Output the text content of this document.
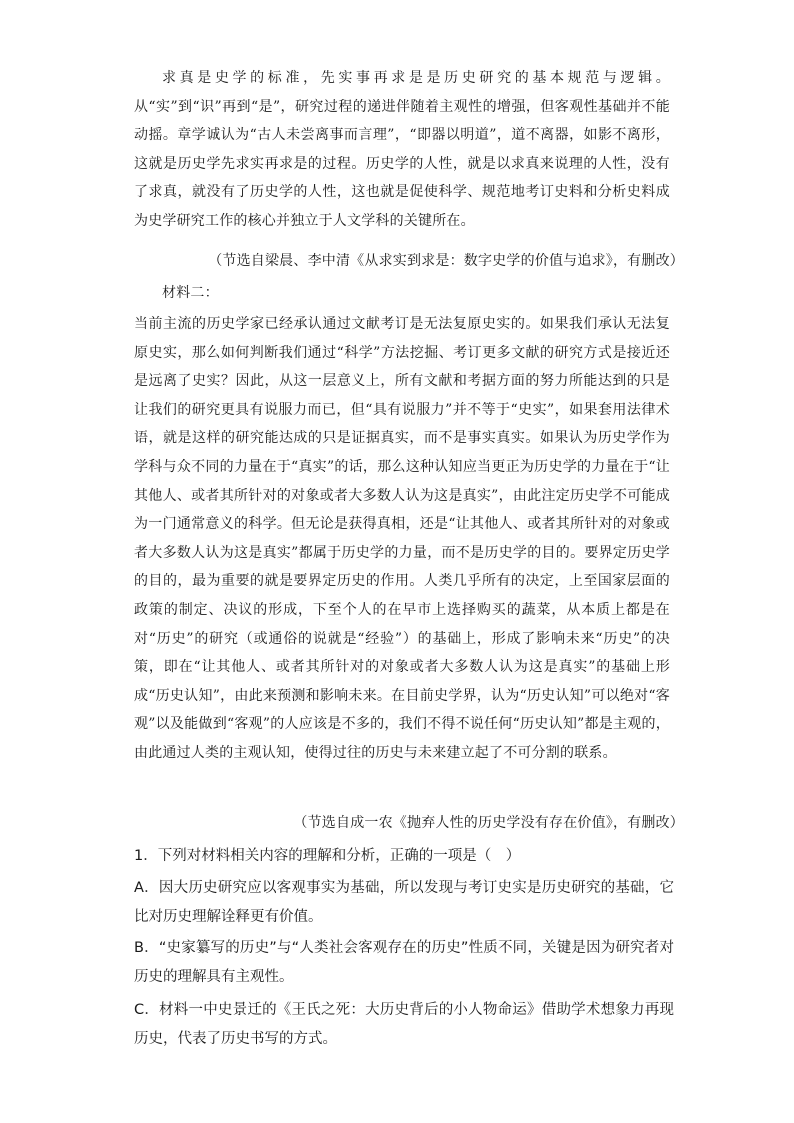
求真是史学的标准，先实事再求是是历史研究的基本规范与逻辑。从“实”到“识”再到“是”，研究过程的递进伴随着主观性的增强，但客观性基础并不能动摇。章学诚认为“古人未尝离事而言理”，“即器以明道”，道不离器，如影不离形，这就是历史学先求实再求是的过程。历史学的人性，就是以求真来说理的人性，没有了求真，就没有了历史学的人性，这也就是促使科学、规范地考订史料和分析史料成为史学研究工作的核心并独立于人文学科的关键所在。

（节选自梁晨、李中清《从求实到求是：数字史学的价值与追求》，有删改）

材料二：

当前主流的历史学家已经承认通过文献考订是无法复原史实的。如果我们承认无法复原史实，那么如何判断我们通过“科学”方法挖掘、考订更多文献的研究方式是接近还是远离了史实？因此，从这一层意义上，所有文献和考据方面的努力所能达到的只是让我们的研究更具有说服力而已，但“具有说服力”并不等于“史实”，如果套用法律术语，就是这样的研究能达成的只是证据真实，而不是事实真实。如果认为历史学作为学科与众不同的力量在于“真实”的话，那么这种认知应当更正为历史学的力量在于“让其他人、或者其所针对的对象或者大多数人认为这是真实”，由此注定历史学不可能成为一门通常意义的科学。但无论是获得真相，还是“让其他人、或者其所针对的对象或者大多数人认为这是真实”都属于历史学的力量，而不是历史学的目的。要界定历史学的目的，最为重要的就是要界定历史的作用。人类几乎所有的决定，上至国家层面的政策的制定、决议的形成，下至个人的在早市上选择购买的蔬菜，从本质上都是在对“历史”的研究（或通俗的说就是“经验”）的基础上，形成了影响未来“历史”的决策，即在“让其他人、或者其所针对的对象或者大多数人认为这是真实”的基础上形成“历史认知”，由此来预测和影响未来。在目前史学界，认为“历史认知”可以绝对“客观”以及能做到“客观”的人应该是不多的，我们不得不说任何“历史认知”都是主观的，由此通过人类的主观认知，使得过往的历史与未来建立起了不可分割的联系。

（节选自成一农《抛弃人性的历史学没有存在价值》，有删改）

1．下列对材料相关内容的理解和分析，正确的一项是（　）

A．因大历史研究应以客观事实为基础，所以发现与考订史实是历史研究的基础，它比对历史理解诠释更有价值。

B．“史家纂写的历史”与“人类社会客观存在的历史”性质不同，关键是因为研究者对历史的理解具有主观性。

C．材料一中史景迁的《王氏之死：大历史背后的小人物命运》借助学术想象力再现历史，代表了历史书写的方式。
